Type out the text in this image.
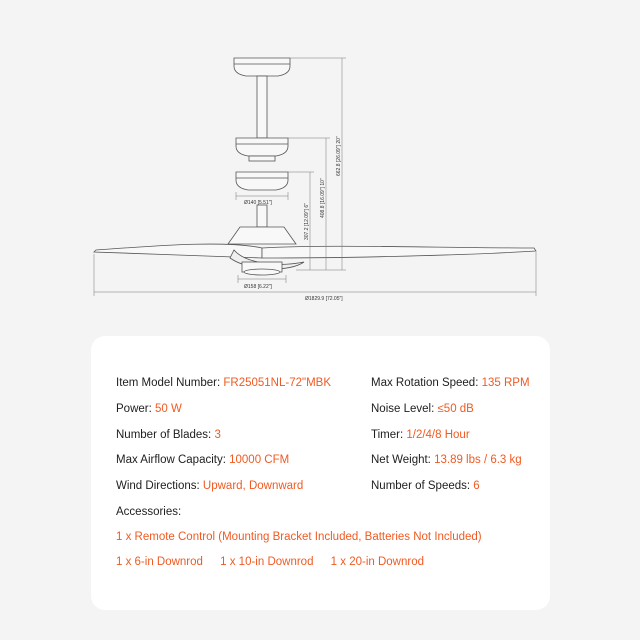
Ø140 [5.51"]
Ø158 [6.22"]
Ø1829.9 [72.05"]
307.2 [12.09"] 6"
408.8 [16.09"] 10"
662.8 [26.09"] 20"
Item Model Number: FR25051NL-72"MBK
Power: 50 W
Number of Blades: 3
Max Airflow Capacity: 10000 CFM
Wind Directions: Upward, Downward
Max Rotation Speed: 135 RPM
Noise Level: ≤50 dB
Timer: 1/2/4/8 Hour
Net Weight: 13.89 lbs / 6.3 kg
Number of Speeds: 6
Accessories:
1 x Remote Control (Mounting Bracket Included, Batteries Not Included)
1 x 6-in Downrod 1 x 10-in Downrod 1 x 20-in Downrod
